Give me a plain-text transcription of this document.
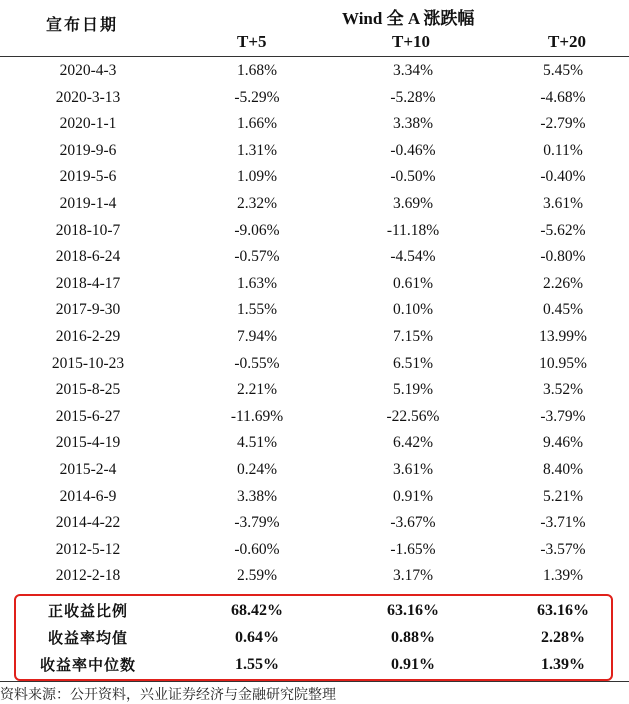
宣布日期	Wind 全 A 涨跌幅
T+5	T+10	T+20
2020-4-3	1.68%	3.34%	5.45%
2020-3-13	-5.29%	-5.28%	-4.68%
2020-1-1	1.66%	3.38%	-2.79%
2019-9-6	1.31%	-0.46%	0.11%
2019-5-6	1.09%	-0.50%	-0.40%
2019-1-4	2.32%	3.69%	3.61%
2018-10-7	-9.06%	-11.18%	-5.62%
2018-6-24	-0.57%	-4.54%	-0.80%
2018-4-17	1.63%	0.61%	2.26%
2017-9-30	1.55%	0.10%	0.45%
2016-2-29	7.94%	7.15%	13.99%
2015-10-23	-0.55%	6.51%	10.95%
2015-8-25	2.21%	5.19%	3.52%
2015-6-27	-11.69%	-22.56%	-3.79%
2015-4-19	4.51%	6.42%	9.46%
2015-2-4	0.24%	3.61%	8.40%
2014-6-9	3.38%	0.91%	5.21%
2014-4-22	-3.79%	-3.67%	-3.71%
2012-5-12	-0.60%	-1.65%	-3.57%
2012-2-18	2.59%	3.17%	1.39%
正收益比例	68.42%	63.16%	63.16%
收益率均值	0.64%	0.88%	2.28%
收益率中位数	1.55%	0.91%	1.39%
资料来源：公开资料，兴业证券经济与金融研究院整理
